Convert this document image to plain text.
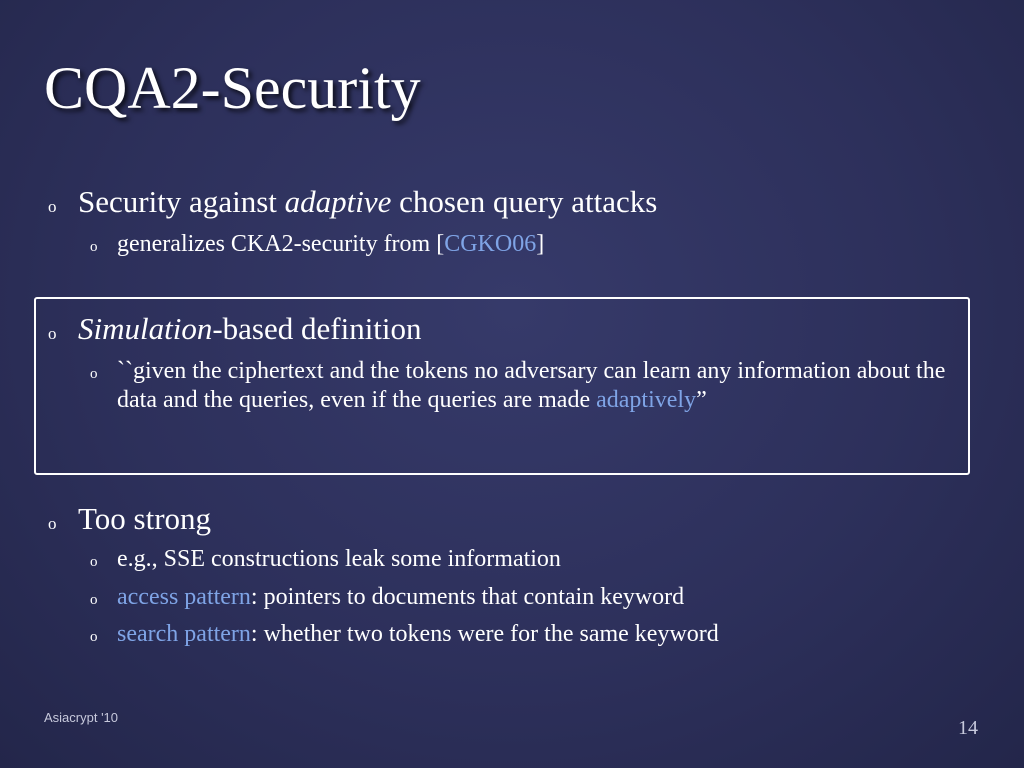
CQA2-Security

o Security against adaptive chosen query attacks

o generalizes CKA2-security from [CGKO06]

o Simulation-based definition

o ``given the ciphertext and the tokens no adversary can learn any information about the data and the queries, even if the queries are made adaptively”

o Too strong

o e.g., SSE constructions leak some information

o access pattern: pointers to documents that contain keyword

o search pattern: whether two tokens were for the same keyword

Asiacrypt '10	14
